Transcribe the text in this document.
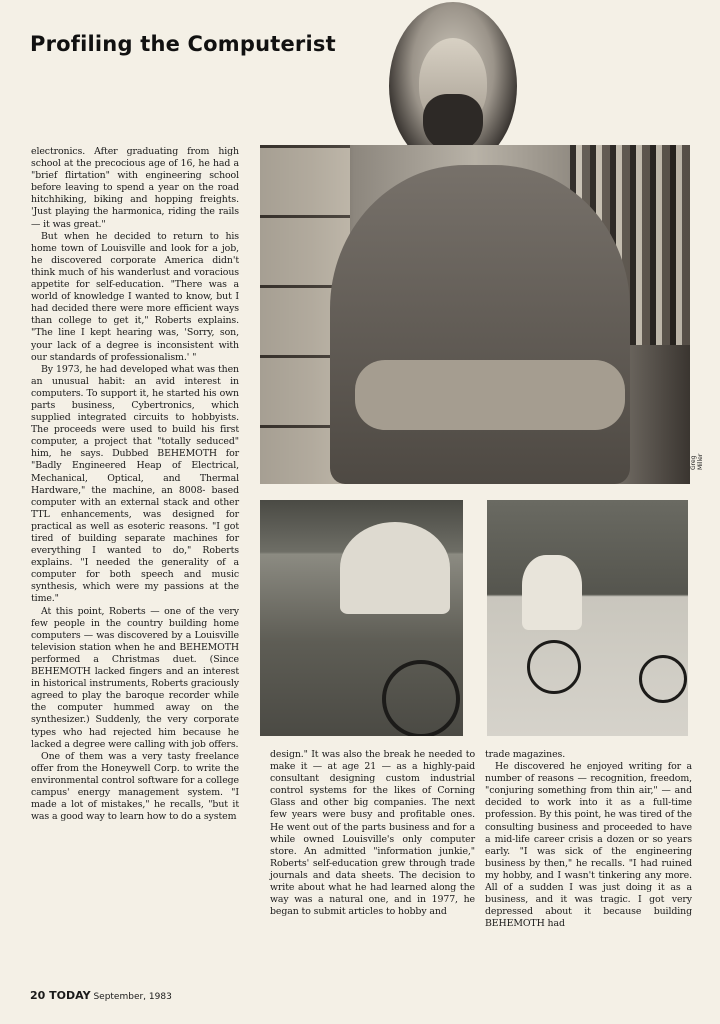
Profiling the Computerist
Greg Miller

electronics. After graduating from high school at the precocious age of 16, he had a "brief flirtation" with engineering school before leaving to spend a year on the road hitchhiking, biking and hopping freights. 'Just playing the harmonica, riding the rails — it was great."

But when he decided to return to his home town of Louisville and look for a job, he discovered corporate America didn't think much of his wanderlust and voracious appetite for self-education. "There was a world of knowledge I wanted to know, but I had decided there were more efficient ways than college to get it," Roberts explains. "The line I kept hearing was, 'Sorry, son, your lack of a degree is inconsistent with our standards of professionalism.' "

By 1973, he had developed what was then an unusual habit: an avid interest in computers. To support it, he started his own parts business, Cybertronics, which supplied integrated circuits to hobbyists. The proceeds were used to build his first computer, a project that "totally seduced" him, he says. Dubbed BEHEMOTH for "Badly Engineered Heap of Electrical, Mechanical, Optical, and Thermal Hardware," the machine, an 8008- based computer with an external stack and other TTL enhancements, was designed for practical as well as esoteric reasons. "I got tired of building separate machines for everything I wanted to do," Roberts explains. "I needed the generality of a computer for both speech and music synthesis, which were my passions at the time."

At this point, Roberts — one of the very few people in the country building home computers — was discovered by a Louisville television station when he and BEHEMOTH performed a Christmas duet. (Since BEHEMOTH lacked fingers and an interest in historical instruments, Roberts graciously agreed to play the baroque recorder while the computer hummed away on the synthesizer.) Suddenly, the very corporate types who had rejected him because he lacked a degree were calling with job offers.

One of them was a very tasty freelance offer from the Honeywell Corp. to write the environmental control software for a college campus' energy management system. "I made a lot of mistakes," he recalls, "but it was a good way to learn how to do a system

design." It was also the break he needed to make it — at age 21 — as a highly-paid consultant designing custom industrial control systems for the likes of Corning Glass and other big companies. The next few years were busy and profitable ones. He went out of the parts business and for a while owned Louisville's only computer store. An admitted "information junkie," Roberts' self-education grew through trade journals and data sheets. The decision to write about what he had learned along the way was a natural one, and in 1977, he began to submit articles to hobby and

trade magazines.

He discovered he enjoyed writing for a number of reasons — recognition, freedom, "conjuring something from thin air," — and decided to work into it as a full-time profession. By this point, he was tired of the consulting business and proceeded to have a mid-life career crisis a dozen or so years early. "I was sick of the engineering business by then," he recalls. "I had ruined my hobby, and I wasn't tinkering any more. All of a sudden I was just doing it as a business, and it was tragic. I got very depressed about it because building BEHEMOTH had

20 TODAY September, 1983
